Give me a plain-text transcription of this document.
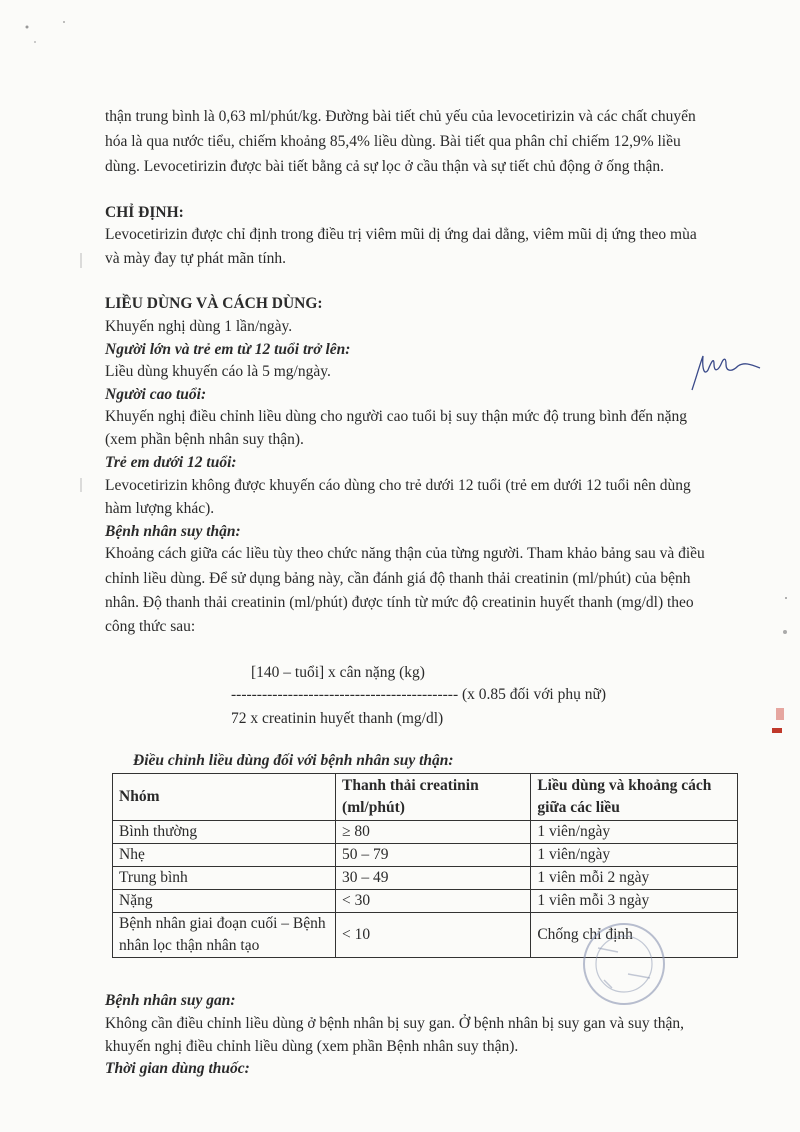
thận trung bình là 0,63 ml/phút/kg. Đường bài tiết chủ yếu của levocetirizin và các chất chuyển

hóa là qua nước tiểu, chiếm khoảng 85,4% liều dùng. Bài tiết qua phân chỉ chiếm 12,9% liều

dùng. Levocetirizin được bài tiết bằng cả sự lọc ở cầu thận và sự tiết chủ động ở ống thận.

CHỈ ĐỊNH:

Levocetirizin được chỉ định trong điều trị viêm mũi dị ứng dai dẳng, viêm mũi dị ứng theo mùa

và mày đay tự phát mãn tính.

LIỀU DÙNG VÀ CÁCH DÙNG:

Khuyến nghị dùng 1 lần/ngày.

Người lớn và trẻ em từ 12 tuổi trở lên:

Liều dùng khuyến cáo là 5 mg/ngày.

Người cao tuổi:

Khuyến nghị điều chỉnh liều dùng cho người cao tuổi bị suy thận mức độ trung bình đến nặng

(xem phần bệnh nhân suy thận).

Trẻ em dưới 12 tuổi:

Levocetirizin không được khuyến cáo dùng cho trẻ dưới 12 tuổi (trẻ em dưới 12 tuổi nên dùng

hàm lượng khác).

Bệnh nhân suy thận:

Khoảng cách giữa các liều tùy theo chức năng thận của từng người. Tham khảo bảng sau và điều

chỉnh liều dùng. Để sử dụng bảng này, cần đánh giá độ thanh thải creatinin (ml/phút) của bệnh

nhân. Độ thanh thải creatinin (ml/phút) được tính từ mức độ creatinin huyết thanh (mg/dl) theo

công thức sau:

[140 – tuổi] x cân nặng (kg)
-------------------------------------------- (x 0.85 đối với phụ nữ)
72 x creatinin huyết thanh (mg/dl)
Điều chỉnh liều dùng đối với bệnh nhân suy thận:
Nhóm	Thanh thải creatinin (ml/phút)	Liều dùng và khoảng cách giữa các liều
Bình thường	≥ 80	1 viên/ngày
Nhẹ	50 – 79	1 viên/ngày
Trung bình	30 – 49	1 viên mỗi 2 ngày
Nặng	< 30	1 viên mỗi 3 ngày
Bệnh nhân giai đoạn cuối – Bệnh nhân lọc thận nhân tạo	< 10	Chống chỉ định

Bệnh nhân suy gan:

Không cần điều chỉnh liều dùng ở bệnh nhân bị suy gan. Ở bệnh nhân bị suy gan và suy thận,

khuyến nghị điều chỉnh liều dùng (xem phần Bệnh nhân suy thận).

Thời gian dùng thuốc:
